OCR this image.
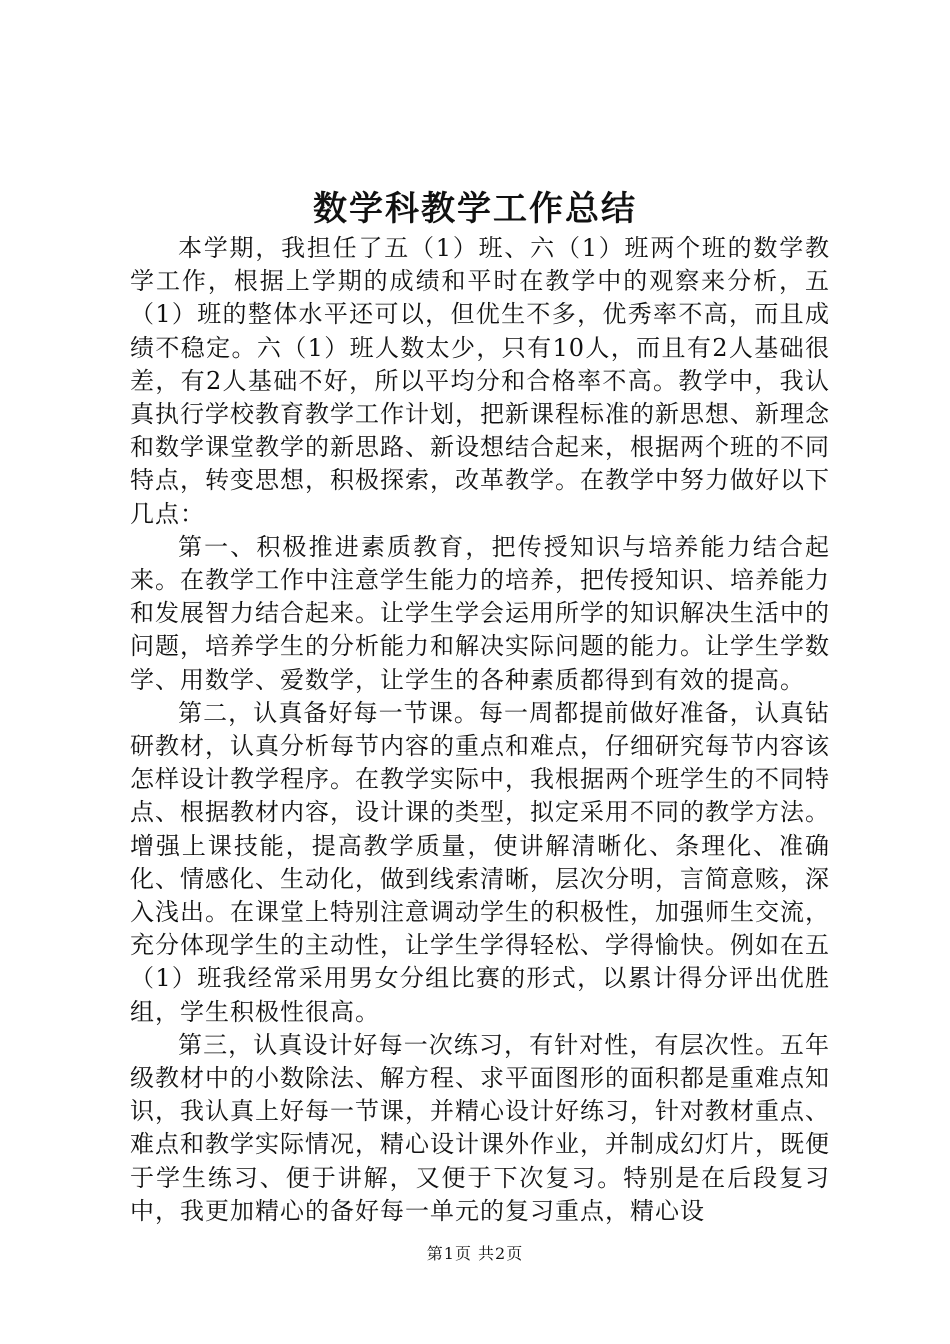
数学科教学工作总结

本学期，我担任了五（1）班、六（1）班两个班的数学教学工作，根据上学期的成绩和平时在教学中的观察来分析，五（1）班的整体水平还可以，但优生不多，优秀率不高，而且成绩不稳定。六（1）班人数太少，只有10人，而且有2人基础很差，有2人基础不好，所以平均分和合格率不高。教学中，我认真执行学校教育教学工作计划，把新课程标准的新思想、新理念和数学课堂教学的新思路、新设想结合起来，根据两个班的不同特点，转变思想，积极探索，改革教学。在教学中努力做好以下几点：

第一、积极推进素质教育，把传授知识与培养能力结合起来。在教学工作中注意学生能力的培养，把传授知识、培养能力和发展智力结合起来。让学生学会运用所学的知识解决生活中的问题，培养学生的分析能力和解决实际问题的能力。让学生学数学、用数学、爱数学，让学生的各种素质都得到有效的提高。

第二，认真备好每一节课。每一周都提前做好准备，认真钻研教材，认真分析每节内容的重点和难点，仔细研究每节内容该怎样设计教学程序。在教学实际中，我根据两个班学生的不同特点、根据教材内容，设计课的类型，拟定采用不同的教学方法。增强上课技能，提高教学质量，使讲解清晰化、条理化、准确化、情感化、生动化，做到线索清晰，层次分明，言简意赅，深入浅出。在课堂上特别注意调动学生的积极性，加强师生交流，充分体现学生的主动性，让学生学得轻松、学得愉快。例如在五（1）班我经常采用男女分组比赛的形式，以累计得分评出优胜组，学生积极性很高。

第三，认真设计好每一次练习，有针对性，有层次性。五年级教材中的小数除法、解方程、求平面图形的面积都是重难点知识，我认真上好每一节课，并精心设计好练习，针对教材重点、难点和教学实际情况，精心设计课外作业，并制成幻灯片，既便于学生练习、便于讲解，又便于下次复习。特别是在后段复习中，我更加精心的备好每一单元的复习重点，精心设

第1页 共2页
